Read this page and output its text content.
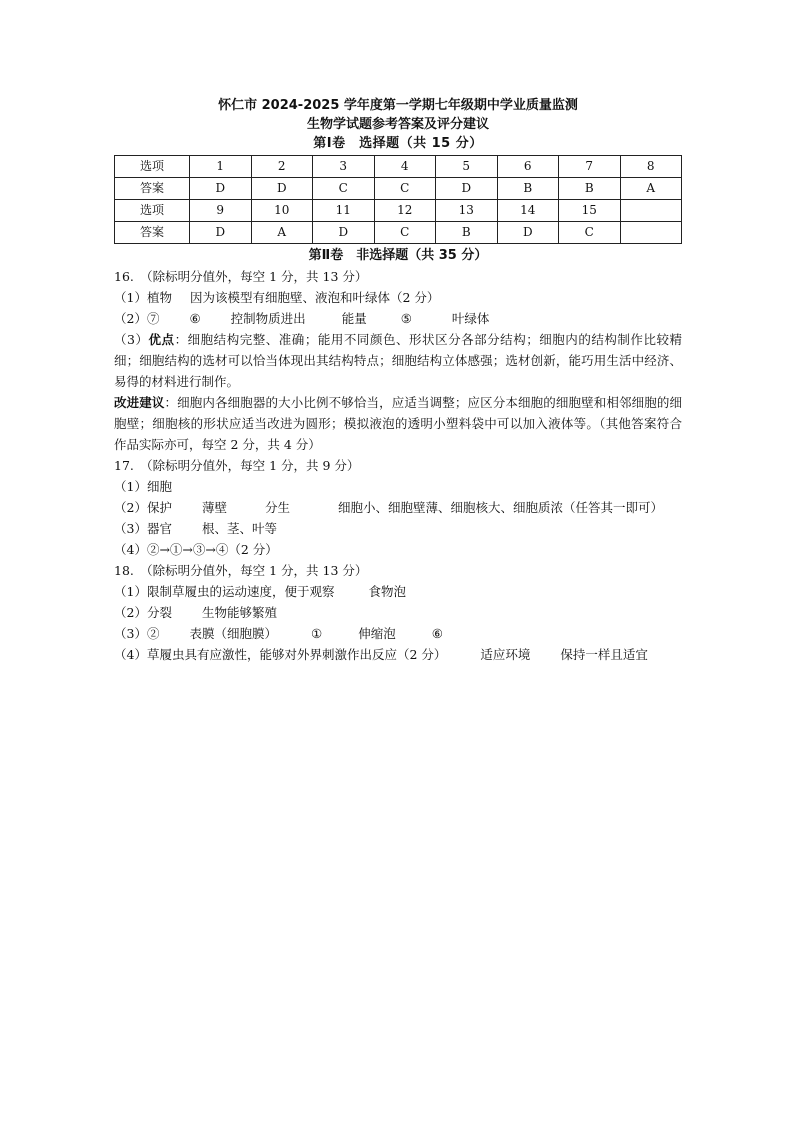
怀仁市 2024-2025 学年度第一学期七年级期中学业质量监测

生物学试题参考答案及评分建议

第Ⅰ卷　选择题（共 15 分）

选项	1	2	3	4	5	6	7	8
答案	D	D	C	C	D	B	B	A
选项	9	10	11	12	13	14	15	
答案	D	A	D	C	B	D	C	
第Ⅱ卷　非选择题（共 35 分）

16.　（除标明分值外，每空 1 分，共 13 分）

（1）植物 因为该模型有细胞壁、液泡和叶绿体（2 分）

（2）⑦ ⑥ 控制物质进出	能量	⑤	叶绿体

（3）优点：细胞结构完整、准确；能用不同颜色、形状区分各部分结构；细胞内的结构制作比较精细；细胞结构的选材可以恰当体现出其结构特点；细胞结构立体感强；选材创新，能巧用生活中经济、易得的材料进行制作。

改进建议：细胞内各细胞器的大小比例不够恰当，应适当调整；应区分本细胞的细胞壁和相邻细胞的细胞壁；细胞核的形状应适当改进为圆形；模拟液泡的透明小塑料袋中可以加入液体等。（其他答案符合作品实际亦可，每空 2 分，共 4 分）

17.　（除标明分值外，每空 1 分，共 9 分）

（1）细胞

（2）保护 薄壁	分生	细胞小、细胞壁薄、细胞核大、细胞质浓（任答其一即可）

（3）器官 根、茎、叶等

（4）②→①→③→④（2 分）

18.　（除标明分值外，每空 1 分，共 13 分）

（1）限制草履虫的运动速度，便于观察	食物泡

（2）分裂 生物能够繁殖

（3）② 表膜（细胞膜）	①	伸缩泡	⑥

（4）草履虫具有应激性，能够对外界刺激作出反应（2 分）	适应环境 保持一样且适宜
